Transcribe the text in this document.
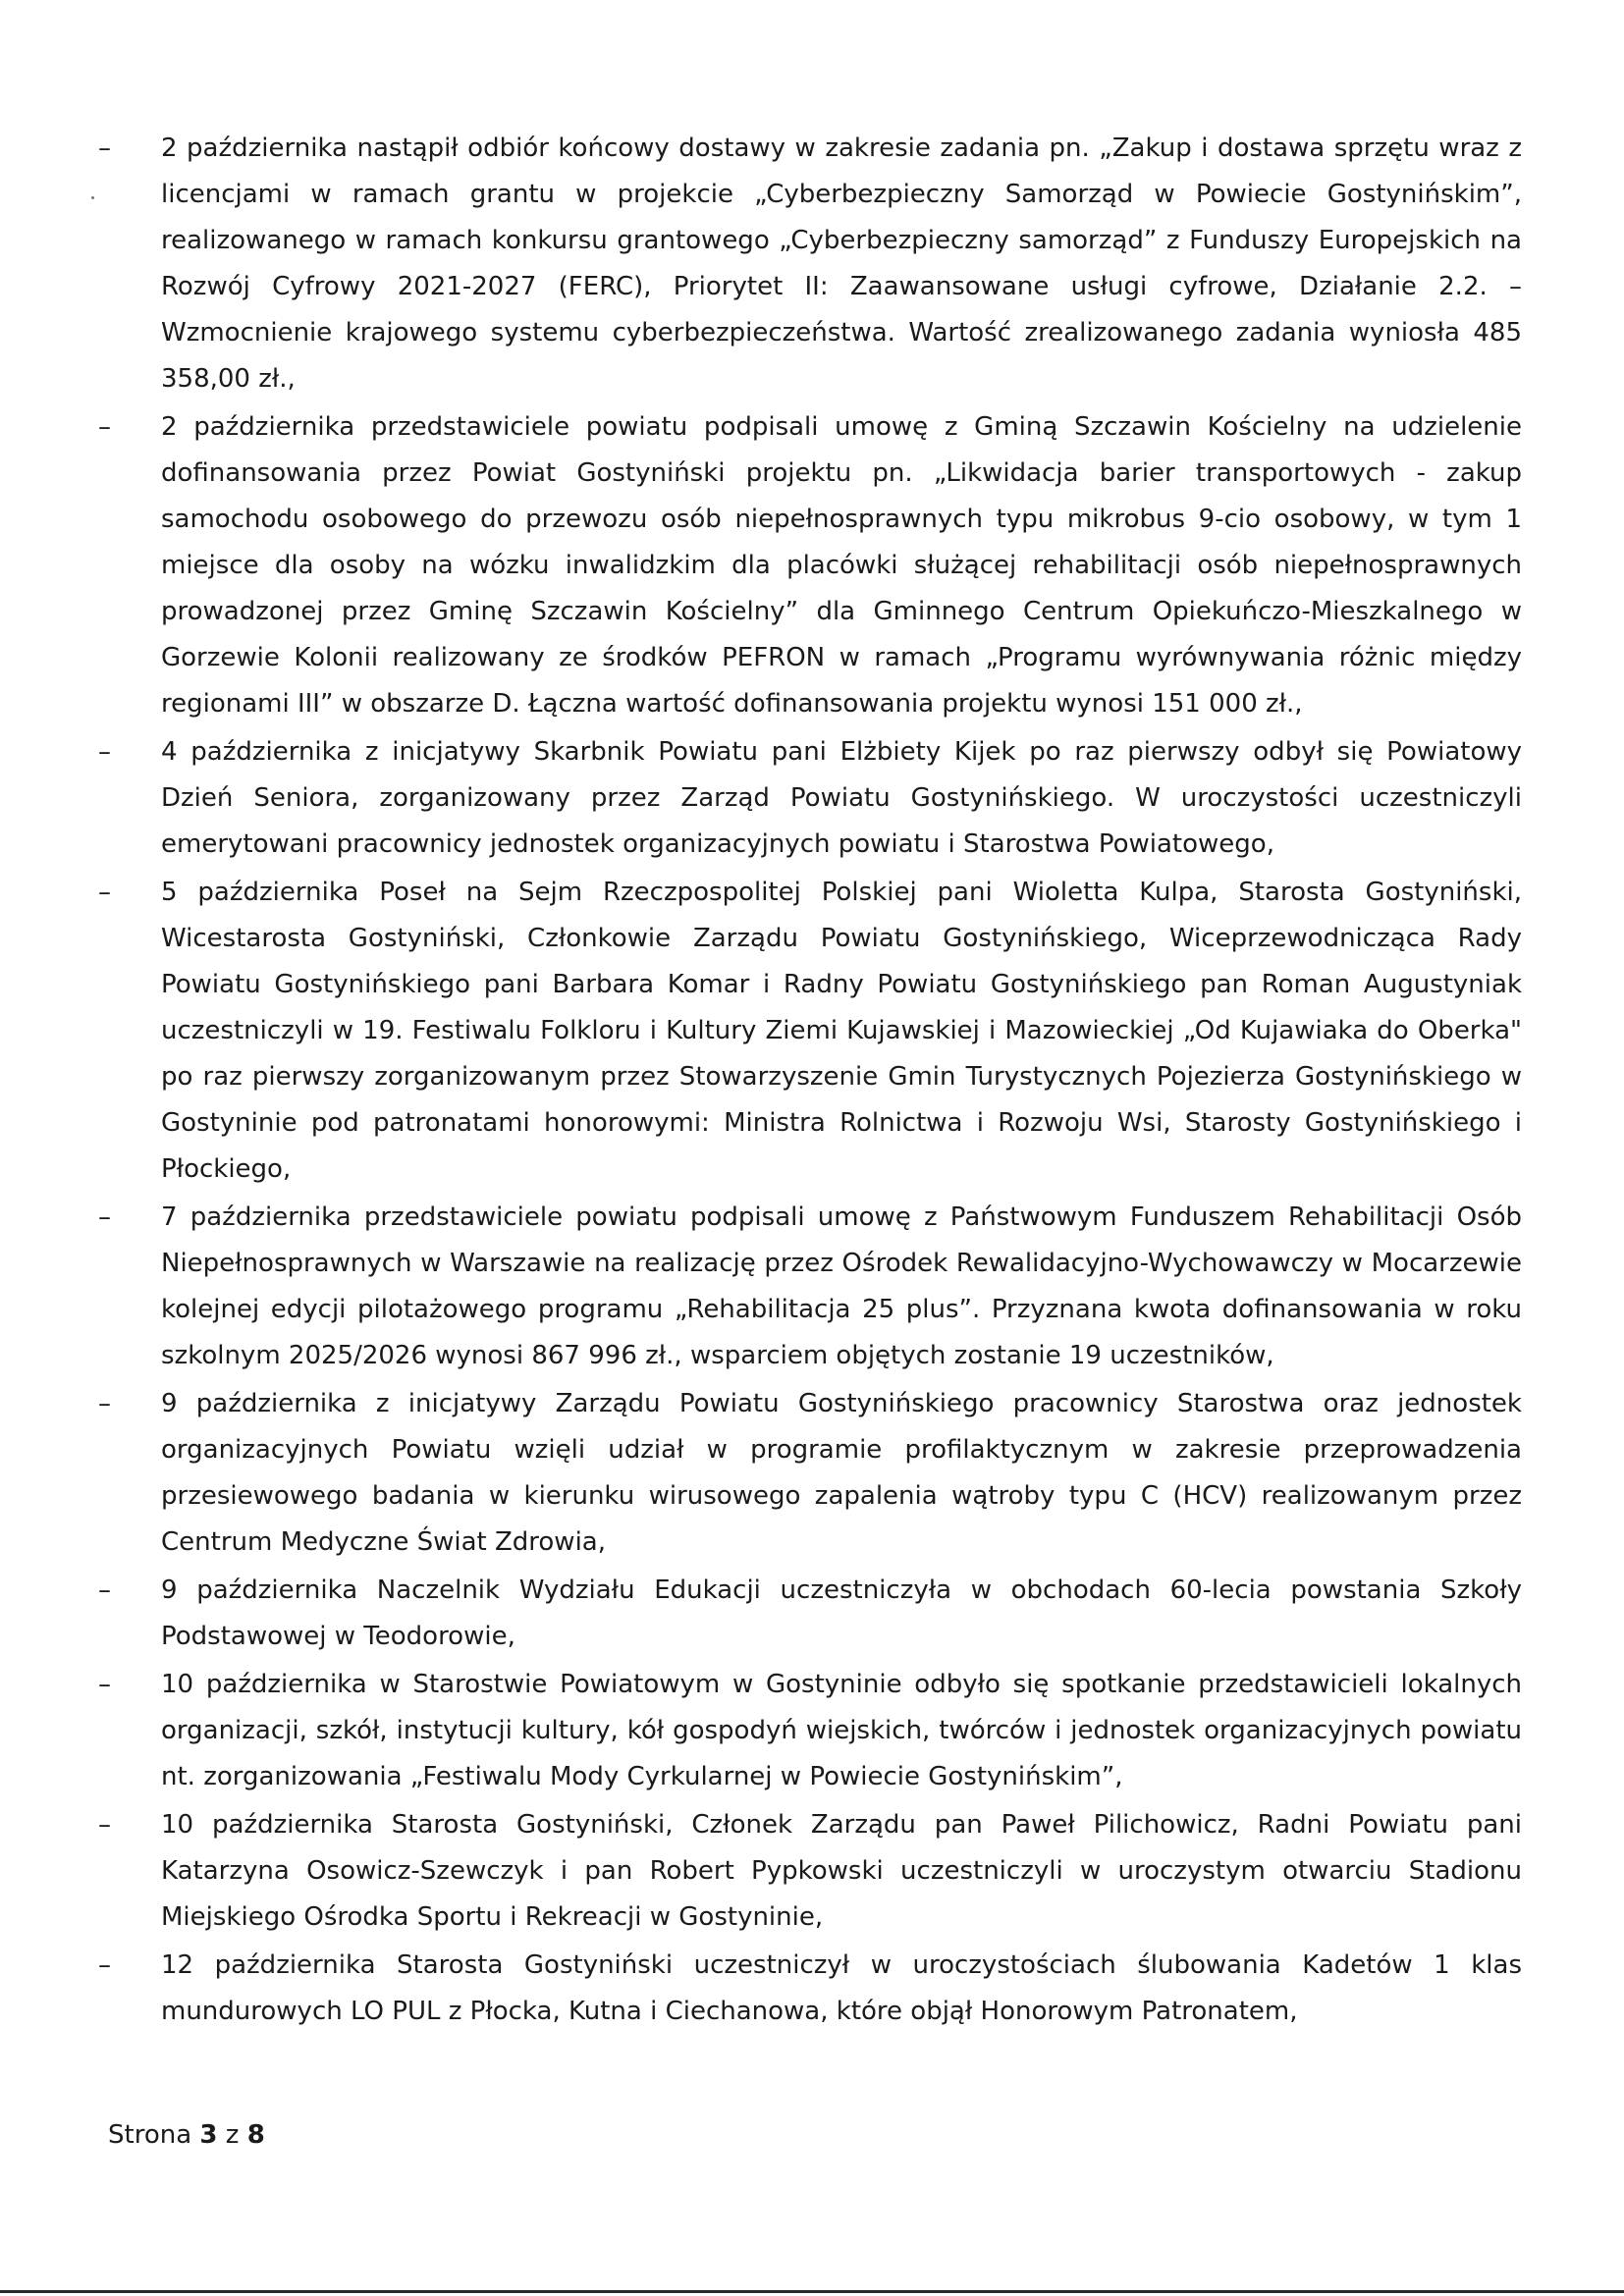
–	2 października nastąpił odbiór końcowy dostawy w zakresie zadania pn. „Zakup i dostawa sprzętu wraz z licencjami w ramach grantu w projekcie „Cyberbezpieczny Samorząd w Powiecie Gostynińskim”, realizowanego w ramach konkursu grantowego „Cyberbezpieczny samorząd” z Funduszy Europejskich na Rozwój Cyfrowy 2021-2027 (FERC), Priorytet II: Zaawansowane usługi cyfrowe, Działanie 2.2. – Wzmocnienie krajowego systemu cyberbezpieczeństwa. Wartość zrealizowanego zadania wyniosła 485 358,00 zł.,
–	2 października przedstawiciele powiatu podpisali umowę z Gminą Szczawin Kościelny na udzielenie dofinansowania przez Powiat Gostyniński projektu pn. „Likwidacja barier transportowych - zakup samochodu osobowego do przewozu osób niepełnosprawnych typu mikrobus 9-cio osobowy, w tym 1 miejsce dla osoby na wózku inwalidzkim dla placówki służącej rehabilitacji osób niepełnosprawnych prowadzonej przez Gminę Szczawin Kościelny” dla Gminnego Centrum Opiekuńczo-Mieszkalnego w Gorzewie Kolonii realizowany ze środków PEFRON w ramach „Programu wyrównywania różnic między regionami III” w obszarze D. Łączna wartość dofinansowania projektu wynosi 151 000 zł.,
–	4 października z inicjatywy Skarbnik Powiatu pani Elżbiety Kijek po raz pierwszy odbył się Powiatowy Dzień Seniora, zorganizowany przez Zarząd Powiatu Gostynińskiego. W uroczystości uczestniczyli emerytowani pracownicy jednostek organizacyjnych powiatu i Starostwa Powiatowego,
–	5 października Poseł na Sejm Rzeczpospolitej Polskiej pani Wioletta Kulpa, Starosta Gostyniński, Wicestarosta Gostyniński, Członkowie Zarządu Powiatu Gostynińskiego, Wiceprzewodnicząca Rady Powiatu Gostynińskiego pani Barbara Komar i Radny Powiatu Gostynińskiego pan Roman Augustyniak uczestniczyli w 19. Festiwalu Folkloru i Kultury Ziemi Kujawskiej i Mazowieckiej „Od Kujawiaka do Oberka" po raz pierwszy zorganizowanym przez Stowarzyszenie Gmin Turystycznych Pojezierza Gostynińskiego w Gostyninie pod patronatami honorowymi: Ministra Rolnictwa i Rozwoju Wsi, Starosty Gostynińskiego i Płockiego,
–	7 października przedstawiciele powiatu podpisali umowę z Państwowym Funduszem Rehabilitacji Osób Niepełnosprawnych w Warszawie na realizację przez Ośrodek Rewalidacyjno-Wychowawczy w Mocarzewie kolejnej edycji pilotażowego programu „Rehabilitacja 25 plus”. Przyznana kwota dofinansowania w roku szkolnym 2025/2026 wynosi 867 996 zł., wsparciem objętych zostanie 19 uczestników,
–	9 października z inicjatywy Zarządu Powiatu Gostynińskiego pracownicy Starostwa oraz jednostek organizacyjnych Powiatu wzięli udział w programie profilaktycznym w zakresie przeprowadzenia przesiewowego badania w kierunku wirusowego zapalenia wątroby typu C (HCV) realizowanym przez Centrum Medyczne Świat Zdrowia,
–	9 października Naczelnik Wydziału Edukacji uczestniczyła w obchodach 60-lecia powstania Szkoły Podstawowej w Teodorowie,
–	10 października w Starostwie Powiatowym w Gostyninie odbyło się spotkanie przedstawicieli lokalnych organizacji, szkół, instytucji kultury, kół gospodyń wiejskich, twórców i jednostek organizacyjnych powiatu nt. zorganizowania „Festiwalu Mody Cyrkularnej w Powiecie Gostynińskim”,
–	10 października Starosta Gostyniński, Członek Zarządu pan Paweł Pilichowicz, Radni Powiatu pani Katarzyna Osowicz-Szewczyk i pan Robert Pypkowski uczestniczyli w uroczystym otwarciu Stadionu Miejskiego Ośrodka Sportu i Rekreacji w Gostyninie,
–	12 października Starosta Gostyniński uczestniczył w uroczystościach ślubowania Kadetów 1 klas mundurowych LO PUL z Płocka, Kutna i Ciechanowa, które objął Honorowym Patronatem,
Strona 3 z 8
